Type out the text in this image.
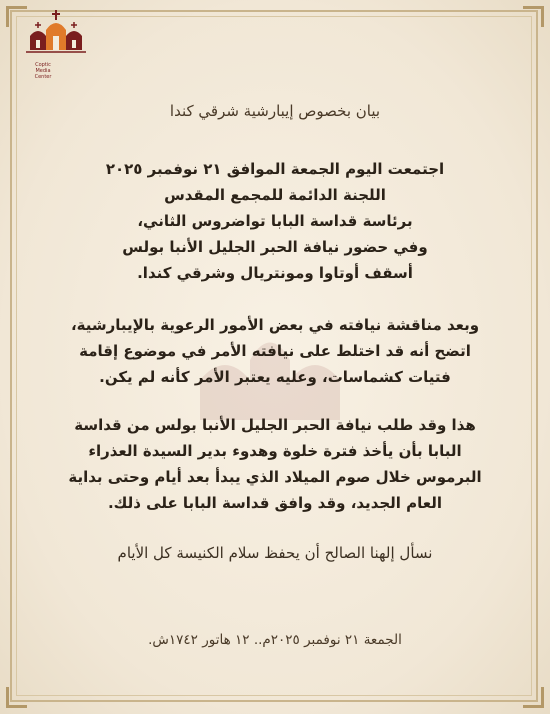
Coptic
Media
Center
بيان بخصوص إيبارشية شرقي كندا
اجتمعت اليوم الجمعة الموافق ٢١ نوفمبر ٢٠٢٥
اللجنة الدائمة للمجمع المقدس
برئاسة قداسة البابا تواضروس الثاني،
وفي حضور نيافة الحبر الجليل الأنبا بولس
أسقف أوتاوا ومونتريال وشرقي كندا.
وبعد مناقشة نيافته في بعض الأمور الرعوية بالإيبارشية،
اتضح أنه قد اختلط على نيافته الأمر في موضوع إقامة
فتيات كشماسات، وعليه يعتبر الأمر كأنه لم يكن.
هذا وقد طلب نيافة الحبر الجليل الأنبا بولس من قداسة
البابا بأن يأخذ فترة خلوة وهدوء بدير السيدة العذراء
البرموس خلال صوم الميلاد الذي يبدأ بعد أيام وحتى بداية
العام الجديد، وقد وافق قداسة البابا على ذلك.
نسأل إلهنا الصالح أن يحفظ سلام الكنيسة كل الأيام
الجمعة ٢١ نوفمبر ٢٠٢٥م.. ١٢ هاتور ١٧٤٢ش.
